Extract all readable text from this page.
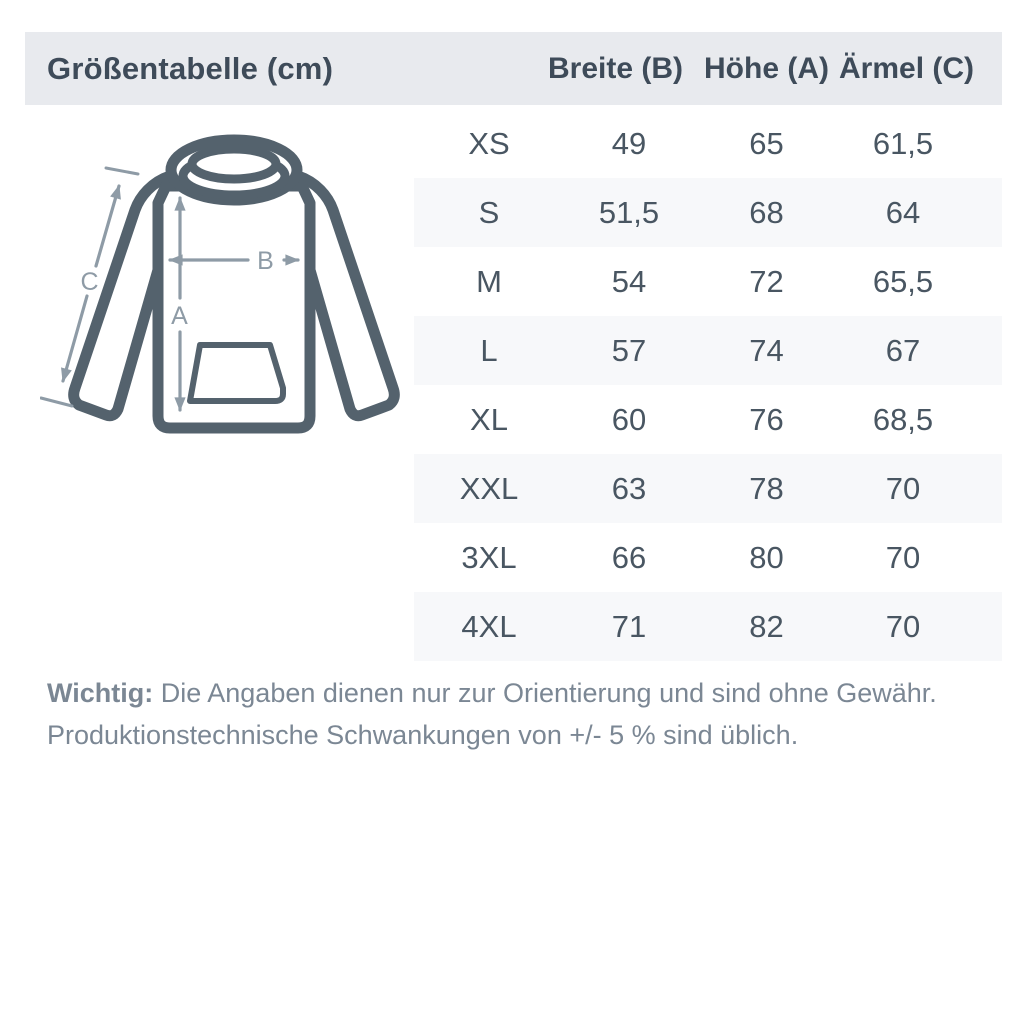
Größentabelle (cm)	Breite (B) Höhe (A) Ärmel (C)
A
B
C
XS	49	65	61,5
S	51,5	68	64
M	54	72	65,5
L	57	74	67
XL	60	76	68,5
XXL	63	78	70
3XL	66	80	70
4XL	71	82	70

Wichtig: Die Angaben dienen nur zur Orientierung und sind ohne Gewähr.

Produktionstechnische Schwankungen von +/- 5 % sind üblich.
